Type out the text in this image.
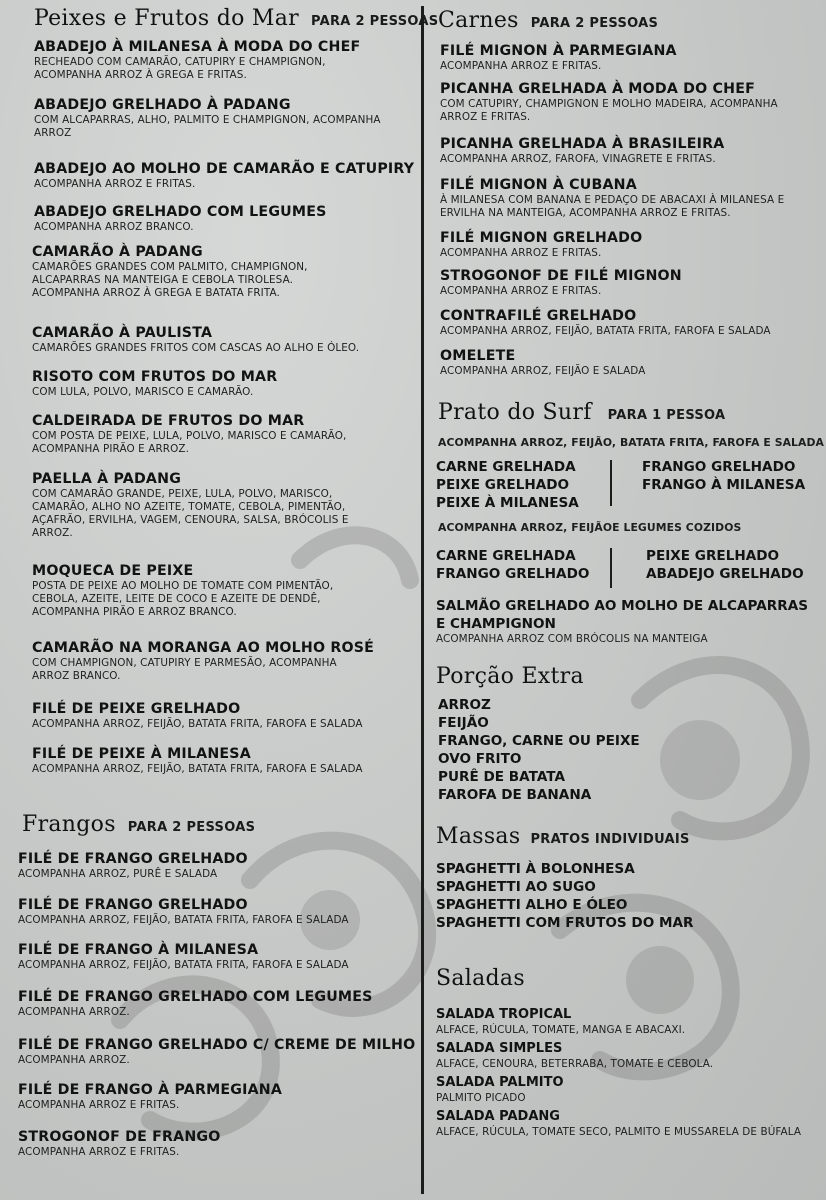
Peixes e Frutos do Mar PARA 2 PESSOAS
ABADEJO À MILANESA À MODA DO CHEF
RECHEADO COM CAMARÃO, CATUPIRY E CHAMPIGNON,
ACOMPANHA ARROZ À GREGA E FRITAS.
ABADEJO GRELHADO À PADANG
COM ALCAPARRAS, ALHO, PALMITO E CHAMPIGNON, ACOMPANHA
ARROZ
ABADEJO AO MOLHO DE CAMARÃO E CATUPIRY
ACOMPANHA ARROZ E FRITAS.
ABADEJO GRELHADO COM LEGUMES
ACOMPANHA ARROZ BRANCO.
CAMARÃO À PADANG
CAMARÕES GRANDES COM PALMITO, CHAMPIGNON,
ALCAPARRAS NA MANTEIGA E CEBOLA TIROLESA.
ACOMPANHA ARROZ À GREGA E BATATA FRITA.
CAMARÃO À PAULISTA
CAMARÕES GRANDES FRITOS COM CASCAS AO ALHO E ÓLEO.
RISOTO COM FRUTOS DO MAR
COM LULA, POLVO, MARISCO E CAMARÃO.
CALDEIRADA DE FRUTOS DO MAR
COM POSTA DE PEIXE, LULA, POLVO, MARISCO E CAMARÃO,
ACOMPANHA PIRÃO E ARROZ.
PAELLA À PADANG
COM CAMARÃO GRANDE, PEIXE, LULA, POLVO, MARISCO,
CAMARÃO, ALHO NO AZEITE, TOMATE, CEBOLA, PIMENTÃO,
AÇAFRÃO, ERVILHA, VAGEM, CENOURA, SALSA, BRÓCOLIS E
ARROZ.
MOQUECA DE PEIXE
POSTA DE PEIXE AO MOLHO DE TOMATE COM PIMENTÃO,
CEBOLA, AZEITE, LEITE DE COCO E AZEITE DE DENDÊ,
ACOMPANHA PIRÃO E ARROZ BRANCO.
CAMARÃO NA MORANGA AO MOLHO ROSÉ
COM CHAMPIGNON, CATUPIRY E PARMESÃO, ACOMPANHA
ARROZ BRANCO.
FILÉ DE PEIXE GRELHADO
ACOMPANHA ARROZ, FEIJÃO, BATATA FRITA, FAROFA E SALADA
FILÉ DE PEIXE À MILANESA
ACOMPANHA ARROZ, FEIJÃO, BATATA FRITA, FAROFA E SALADA
Frangos PARA 2 PESSOAS
FILÉ DE FRANGO GRELHADO
ACOMPANHA ARROZ, PURÊ E SALADA
FILÉ DE FRANGO GRELHADO
ACOMPANHA ARROZ, FEIJÃO, BATATA FRITA, FAROFA E SALADA
FILÉ DE FRANGO À MILANESA
ACOMPANHA ARROZ, FEIJÃO, BATATA FRITA, FAROFA E SALADA
FILÉ DE FRANGO GRELHADO COM LEGUMES
ACOMPANHA ARROZ.
FILÉ DE FRANGO GRELHADO C/ CREME DE MILHO
ACOMPANHA ARROZ.
FILÉ DE FRANGO À PARMEGIANA
ACOMPANHA ARROZ E FRITAS.
STROGONOF DE FRANGO
ACOMPANHA ARROZ E FRITAS.
Carnes PARA 2 PESSOAS
FILÉ MIGNON À PARMEGIANA
ACOMPANHA ARROZ E FRITAS.
PICANHA GRELHADA À MODA DO CHEF
COM CATUPIRY, CHAMPIGNON E MOLHO MADEIRA, ACOMPANHA
ARROZ E FRITAS.
PICANHA GRELHADA À BRASILEIRA
ACOMPANHA ARROZ, FAROFA, VINAGRETE E FRITAS.
FILÉ MIGNON À CUBANA
À MILANESA COM BANANA E PEDAÇO DE ABACAXI À MILANESA E
ERVILHA NA MANTEIGA, ACOMPANHA ARROZ E FRITAS.
FILÉ MIGNON GRELHADO
ACOMPANHA ARROZ E FRITAS.
STROGONOF DE FILÉ MIGNON
ACOMPANHA ARROZ E FRITAS.
CONTRAFILÉ GRELHADO
ACOMPANHA ARROZ, FEIJÃO, BATATA FRITA, FAROFA E SALADA
OMELETE
ACOMPANHA ARROZ, FEIJÃO E SALADA
Prato do Surf PARA 1 PESSOA
ACOMPANHA ARROZ, FEIJÃO, BATATA FRITA, FAROFA E SALADA
CARNE GRELHADA
PEIXE GRELHADO
PEIXE À MILANESA
FRANGO GRELHADO
FRANGO À MILANESA
ACOMPANHA ARROZ, FEIJÃOE LEGUMES COZIDOS
CARNE GRELHADA
FRANGO GRELHADO
PEIXE GRELHADO
ABADEJO GRELHADO
SALMÃO GRELHADO AO MOLHO DE ALCAPARRAS
E CHAMPIGNON
ACOMPANHA ARROZ COM BRÓCOLIS NA MANTEIGA
Porção Extra
ARROZ
FEIJÃO
FRANGO, CARNE OU PEIXE
OVO FRITO
PURÊ DE BATATA
FAROFA DE BANANA
Massas PRATOS INDIVIDUAIS
SPAGHETTI À BOLONHESA
SPAGHETTI AO SUGO
SPAGHETTI ALHO E ÓLEO
SPAGHETTI COM FRUTOS DO MAR
Saladas
SALADA TROPICAL
ALFACE, RÚCULA, TOMATE, MANGA E ABACAXI.
SALADA SIMPLES
ALFACE, CENOURA, BETERRABA, TOMATE E CEBOLA.
SALADA PALMITO
PALMITO PICADO
SALADA PADANG
ALFACE, RÚCULA, TOMATE SECO, PALMITO E MUSSARELA DE BÚFALA
